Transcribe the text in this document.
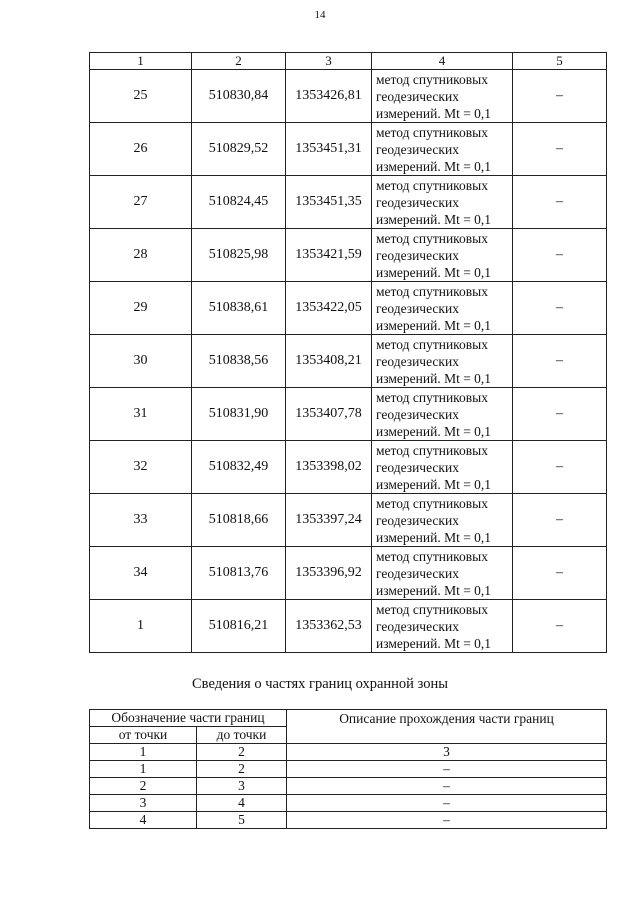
14
1	2	3	4	5
25	510830,84	1353426,81	метод спутниковых
геодезических
измерений. Mt = 0,1	–
26	510829,52	1353451,31	метод спутниковых
геодезических
измерений. Mt = 0,1	–
27	510824,45	1353451,35	метод спутниковых
геодезических
измерений. Mt = 0,1	–
28	510825,98	1353421,59	метод спутниковых
геодезических
измерений. Mt = 0,1	–
29	510838,61	1353422,05	метод спутниковых
геодезических
измерений. Mt = 0,1	–
30	510838,56	1353408,21	метод спутниковых
геодезических
измерений. Mt = 0,1	–
31	510831,90	1353407,78	метод спутниковых
геодезических
измерений. Mt = 0,1	–
32	510832,49	1353398,02	метод спутниковых
геодезических
измерений. Mt = 0,1	–
33	510818,66	1353397,24	метод спутниковых
геодезических
измерений. Mt = 0,1	–
34	510813,76	1353396,92	метод спутниковых
геодезических
измерений. Mt = 0,1	–
1	510816,21	1353362,53	метод спутниковых
геодезических
измерений. Mt = 0,1	–
Сведения о частях границ охранной зоны
Обозначение части границ		Описание прохождения части границ
от точки	до точки	
1	2	3
1	2	–
2	3	–
3	4	–
4	5	–
